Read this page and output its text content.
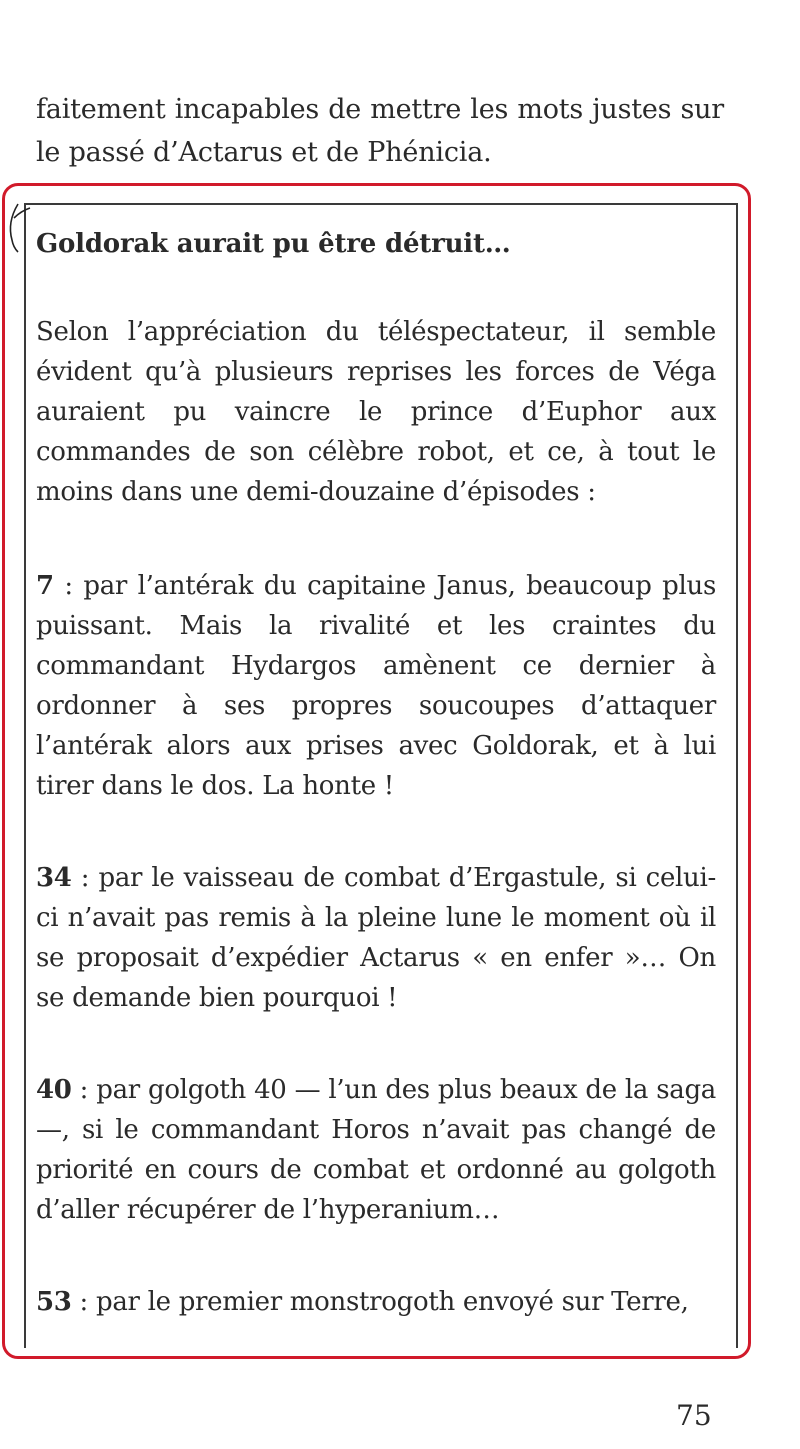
faitement incapables de mettre les mots justes sur le passé d’Actarus et de Phénicia.
Goldorak aurait pu être détruit…
Selon l’appréciation du téléspectateur, il semble évident qu’à plusieurs reprises les forces de Véga auraient pu vaincre le prince d’Euphor aux commandes de son célèbre robot, et ce, à tout le moins dans une demi-douzaine d’épisodes :
7 : par l’antérak du capitaine Janus, beaucoup plus puissant. Mais la rivalité et les craintes du commandant Hydargos amènent ce dernier à ordonner à ses propres soucoupes d’attaquer l’antérak alors aux prises avec Goldorak, et à lui tirer dans le dos. La honte !
34 : par le vaisseau de combat d’Ergastule, si celui-ci n’avait pas remis à la pleine lune le moment où il se proposait d’expédier Actarus « en enfer »… On se demande bien pourquoi !
40 : par golgoth 40 — l’un des plus beaux de la saga —, si le commandant Horos n’avait pas changé de priorité en cours de combat et ordonné au golgoth d’aller récupérer de l’hyperanium…
53 : par le premier monstrogoth envoyé sur Terre,
75
